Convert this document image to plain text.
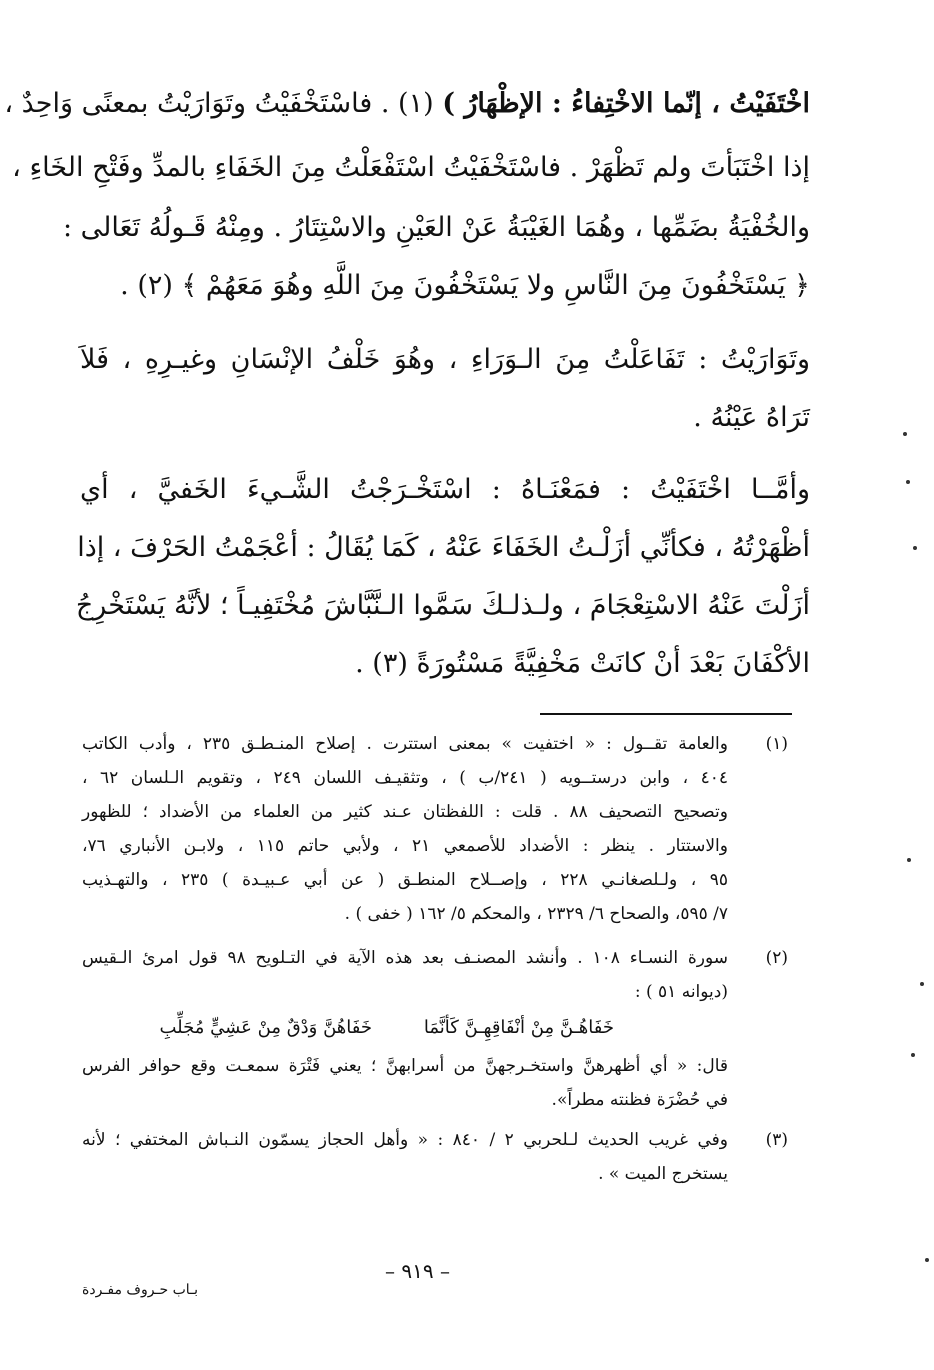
اخْتَفَيْتُ ، إنّما الاخْتِفاءُ : الإظْهَارُ ) (١) . فاسْتَخْفَيْتُ وتَوَارَيْتُ بمعنًى وَاحِدٌ ،
إذا اخْتَبَأتَ ولم تَظْهَرْ . فاسْتَخْفَيْتُ اسْتَفْعَلْتُ مِنَ الخَفَاءِ بالمدِّ وفَتْحِ الخَاءِ ،
والخُفْيَةُ بضَمِّها ، وهُمَا الغَيْبَةُ عَنْ العَيْنِ والاسْتِتَارُ . ومِنْهُ قَـولُهُ تَعَالى :
﴿ يَسْتَخْفُونَ مِنَ النَّاسِ ولا يَسْتَخْفُونَ مِنَ اللَّهِ وهُوَ مَعَهُمْ ﴾ (٢) .
وتَوَارَيْتُ : تَفَاعَلْتُ مِنَ الـوَرَاءِ ، وهُوَ خَلْفُ الإنْسَانِ وغيـرِهِ ، فَلاَ
تَرَاهُ عَيْنُهُ .
وأمَّــا اخْتَفَيْتُ : فمَعْنَـاهُ : اسْتَخْـرَجْتُ الشَّـيءَ الخَفيَّ ، أي
أظْهَرْتُهُ ، فكأنِّي أزَلْـتُ الخَفَاءَ عَنْهُ ، كَمَا يُقَالُ : أعْجَمْتُ الحَرْفَ ، إذا
أزَلْتَ عَنْهُ الاسْتِعْجَامَ ، ولـذلـكَ سَمَّوا الـنَّبَّاشَ مُخْتَفِيـاً ؛ لأنَّهُ يَسْتَخْرِجُ
الأكْفَانَ بَعْدَ أنْ كانَتْ مَخْفِيَّةً مَسْتُورَةً (٣) .
(١)
والعامة تقــول : « اختفيت » بمعنى استترت . إصلاح المنـطـق ٢٣٥ ، وأدب الكاتب
٤٠٤ ، وابن درستــويه ( ٢٤١/ب ) ، وتثقيـف اللسان ٢٤٩ ، وتقويم الـلسان ٦٢ ،
وتصحيح التصحيف ٨٨ . قلت : اللفظتان عـند كثير من العلماء من الأضداد ؛ للظهور
والاستتار . ينظر : الأضداد للأصمعي ٢١ ، ولأبي حاتم ١١٥ ، ولابـن الأنباري ٧٦،
٩٥ ، ولـلصغانـي ٢٢٨ ، وإصــلاح المنطـق ( عن أبي عـبيـدة ) ٢٣٥ ، والتهـذيب
٧/ ٥٩٥، والصحاح ٦/ ٢٣٢٩ ، والمحكم ٥/ ١٦٢ ( خفى ) .
(٢)
سورة النسـاء ١٠٨ . وأنشد المصنـف بعد هذه الآية في التـلويح ٩٨ قول امرئ الـقيس
(ديوانه ٥١ ) :
خَفَاهُـنَّ مِنْ أنْفَاقِهِـنَّ كَأنَّمَا
خَفَاهُنَّ وَدْقٌ مِنْ عَشِيٍّ مُجَلِّبِ
قال: « أي أظهرهنَّ واستخـرجهنَّ من أسرابهنَّ ؛ يعني فَتْرَة سمعـت وقع حوافر الفرس
في حُضْرَة فظنته مطراً».
(٣)
وفي غريب الحديث لـلحربي ٢ / ٨٤٠ : « وأهل الحجاز يسمّون النـباش المختفي ؛ لأنه
يستخرج الميت » .
– ٩١٩ –
بـاب حـروف مفـردة
